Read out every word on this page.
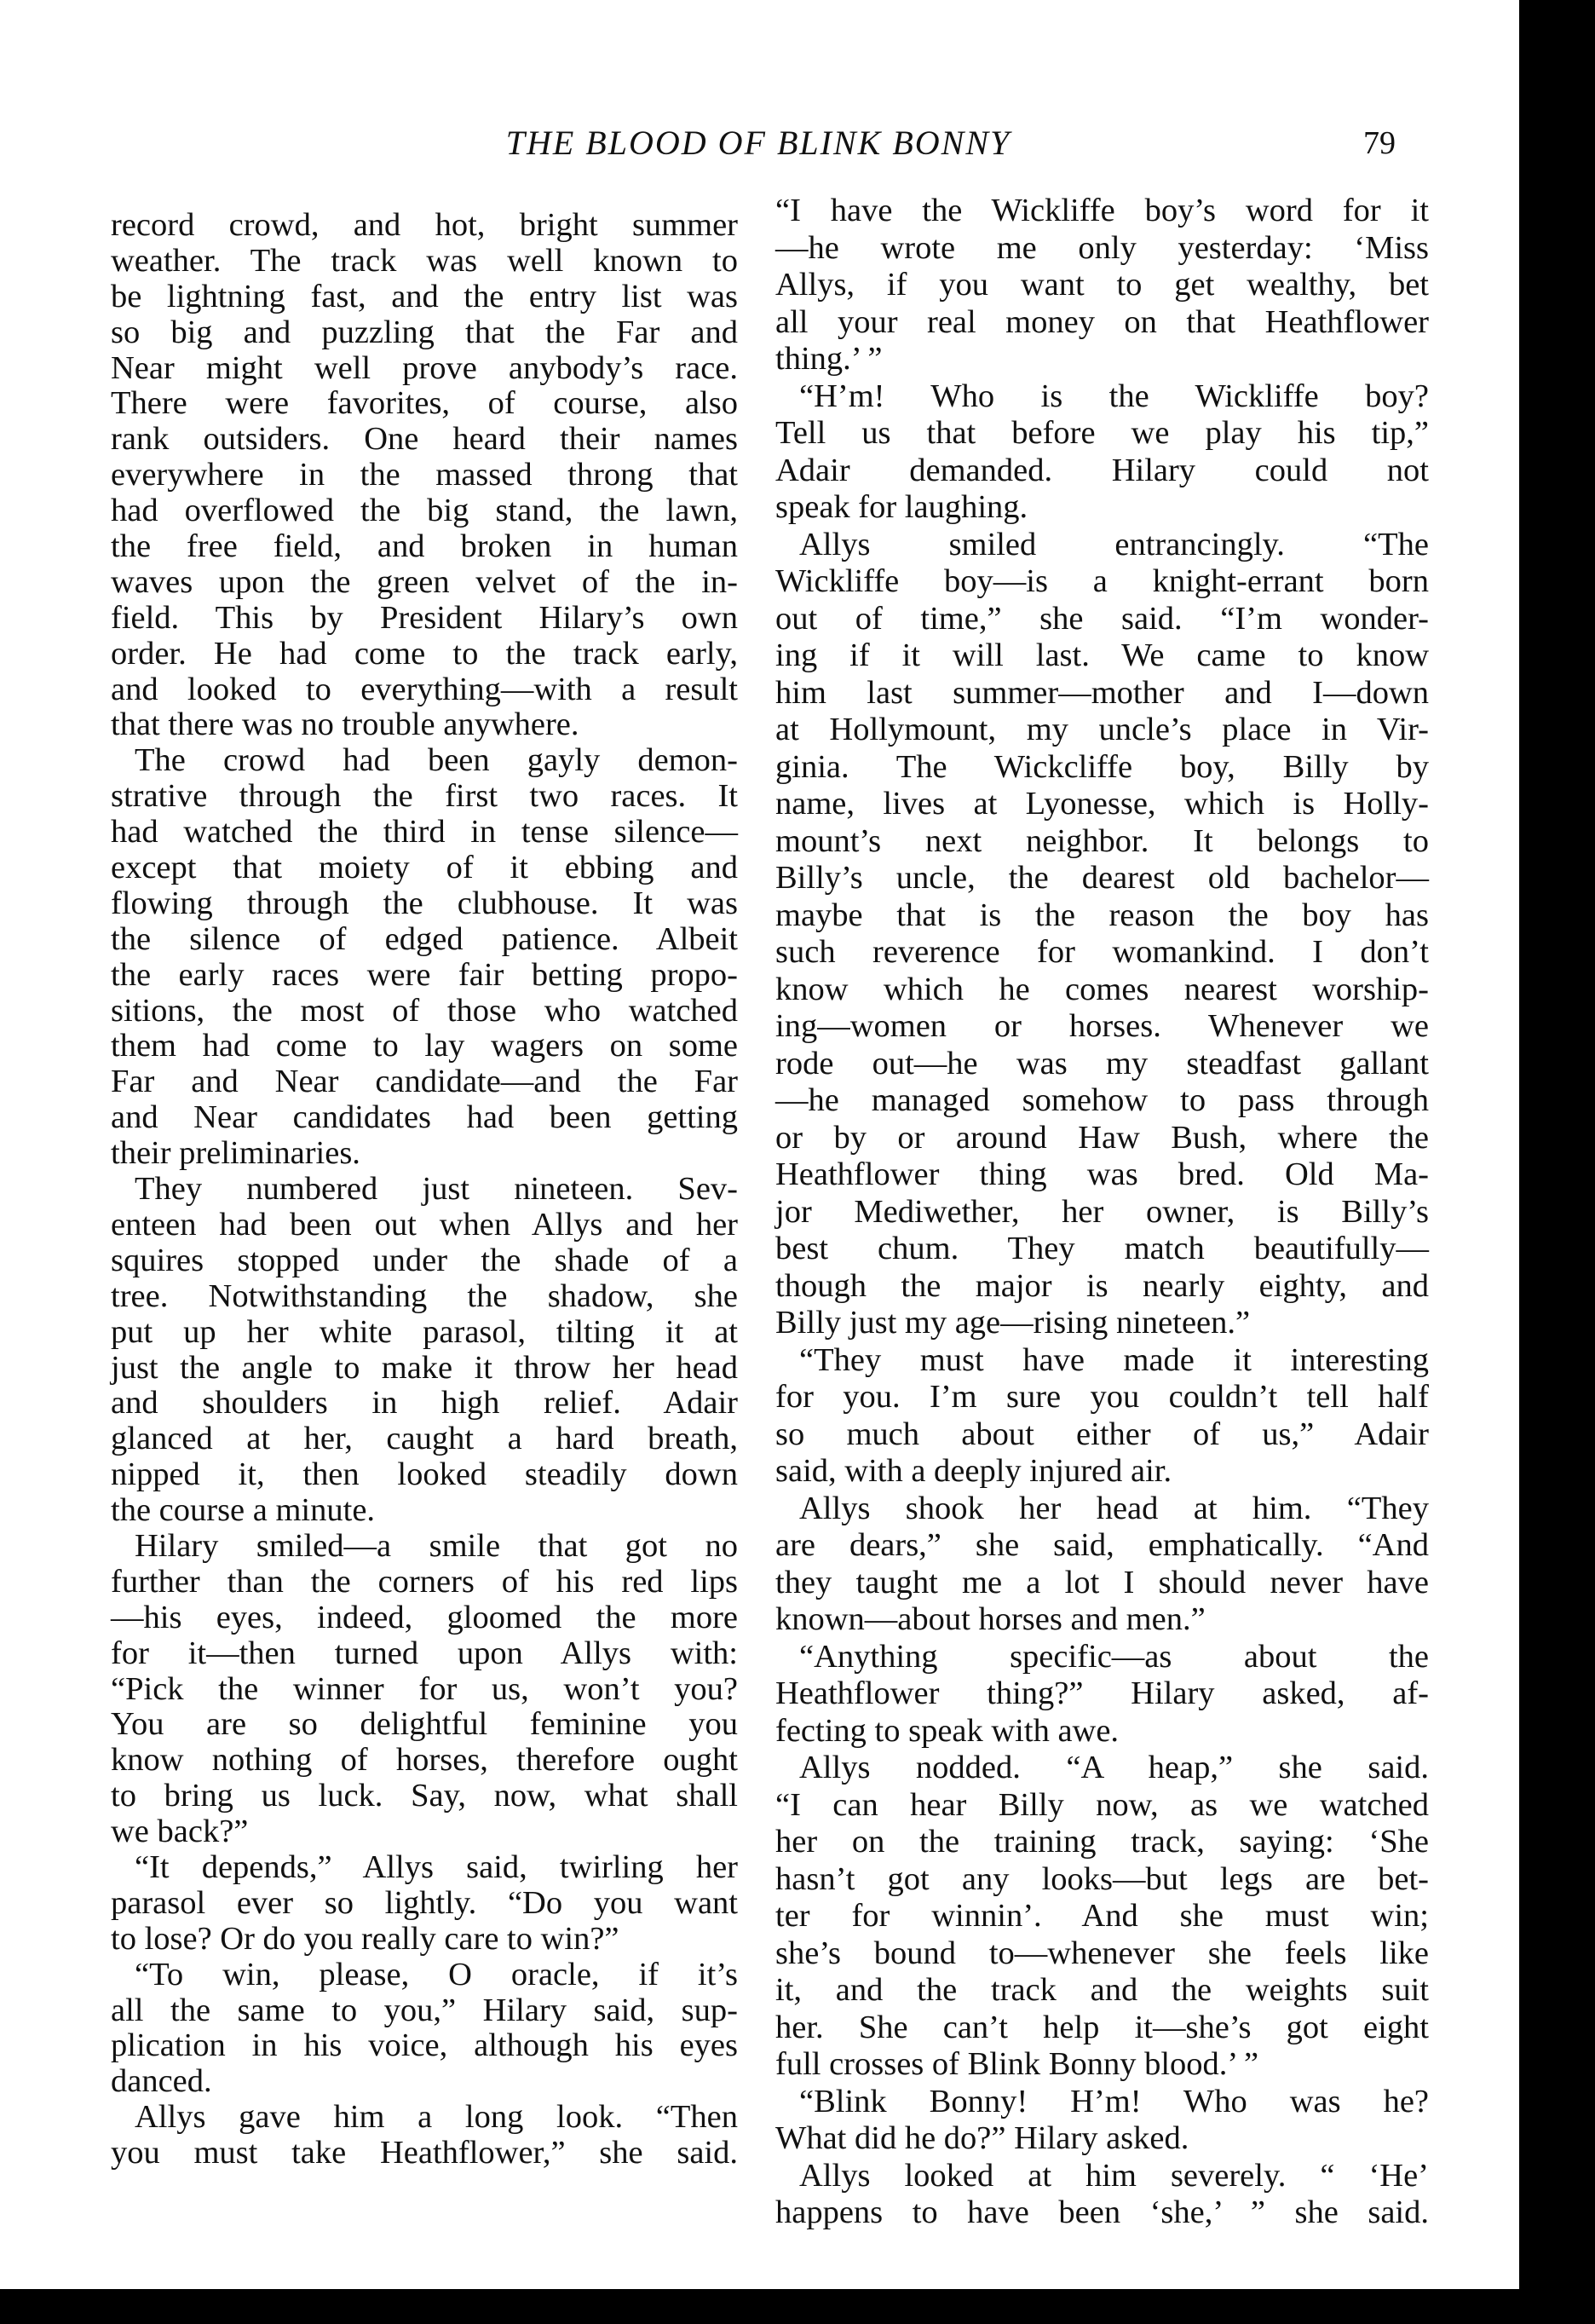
THE BLOOD OF BLINK BONNY	79
record crowd, and hot, bright summer
weather. The track was well known to
be lightning fast, and the entry list was
so big and puzzling that the Far and
Near might well prove anybody’s race.
There were favorites, of course, also
rank outsiders. One heard their names
everywhere in the massed throng that
had overflowed the big stand, the lawn,
the free field, and broken in human
waves upon the green velvet of the in-
field. This by President Hilary’s own
order. He had come to the track early,
and looked to everything—with a result
that there was no trouble anywhere.
The crowd had been gayly demon-
strative through the first two races. It
had watched the third in tense silence—
except that moiety of it ebbing and
flowing through the clubhouse. It was
the silence of edged patience. Albeit
the early races were fair betting propo-
sitions, the most of those who watched
them had come to lay wagers on some
Far and Near candidate—and the Far
and Near candidates had been getting
their preliminaries.
They numbered just nineteen. Sev-
enteen had been out when Allys and her
squires stopped under the shade of a
tree. Notwithstanding the shadow, she
put up her white parasol, tilting it at
just the angle to make it throw her head
and shoulders in high relief. Adair
glanced at her, caught a hard breath,
nipped it, then looked steadily down
the course a minute.
Hilary smiled—a smile that got no
further than the corners of his red lips
—his eyes, indeed, gloomed the more
for it—then turned upon Allys with:
“Pick the winner for us, won’t you?
You are so delightful feminine you
know nothing of horses, therefore ought
to bring us luck. Say, now, what shall
we back?”
“It depends,” Allys said, twirling her
parasol ever so lightly. “Do you want
to lose? Or do you really care to win?”
“To win, please, O oracle, if it’s
all the same to you,” Hilary said, sup-
plication in his voice, although his eyes
danced.
Allys gave him a long look. “Then
you must take Heathflower,” she said.
“I have the Wickliffe boy’s word for it
—he wrote me only yesterday: ‘Miss
Allys, if you want to get wealthy, bet
all your real money on that Heathflower
thing.’ ”
“H’m! Who is the Wickliffe boy?
Tell us that before we play his tip,”
Adair demanded. Hilary could not
speak for laughing.
Allys smiled entrancingly. “The
Wickliffe boy—is a knight-errant born
out of time,” she said. “I’m wonder-
ing if it will last. We came to know
him last summer—mother and I—down
at Hollymount, my uncle’s place in Vir-
ginia. The Wickcliffe boy, Billy by
name, lives at Lyonesse, which is Holly-
mount’s next neighbor. It belongs to
Billy’s uncle, the dearest old bachelor—
maybe that is the reason the boy has
such reverence for womankind. I don’t
know which he comes nearest worship-
ing—women or horses. Whenever we
rode out—he was my steadfast gallant
—he managed somehow to pass through
or by or around Haw Bush, where the
Heathflower thing was bred. Old Ma-
jor Mediwether, her owner, is Billy’s
best chum. They match beautifully—
though the major is nearly eighty, and
Billy just my age—rising nineteen.”
“They must have made it interesting
for you. I’m sure you couldn’t tell half
so much about either of us,” Adair
said, with a deeply injured air.
Allys shook her head at him. “They
are dears,” she said, emphatically. “And
they taught me a lot I should never have
known—about horses and men.”
“Anything specific—as about the
Heathflower thing?” Hilary asked, af-
fecting to speak with awe.
Allys nodded. “A heap,” she said.
“I can hear Billy now, as we watched
her on the training track, saying: ‘She
hasn’t got any looks—but legs are bet-
ter for winnin’. And she must win;
she’s bound to—whenever she feels like
it, and the track and the weights suit
her. She can’t help it—she’s got eight
full crosses of Blink Bonny blood.’ ”
“Blink Bonny! H’m! Who was he?
What did he do?” Hilary asked.
Allys looked at him severely. “ ‘He’
happens to have been ‘she,’ ” she said.
